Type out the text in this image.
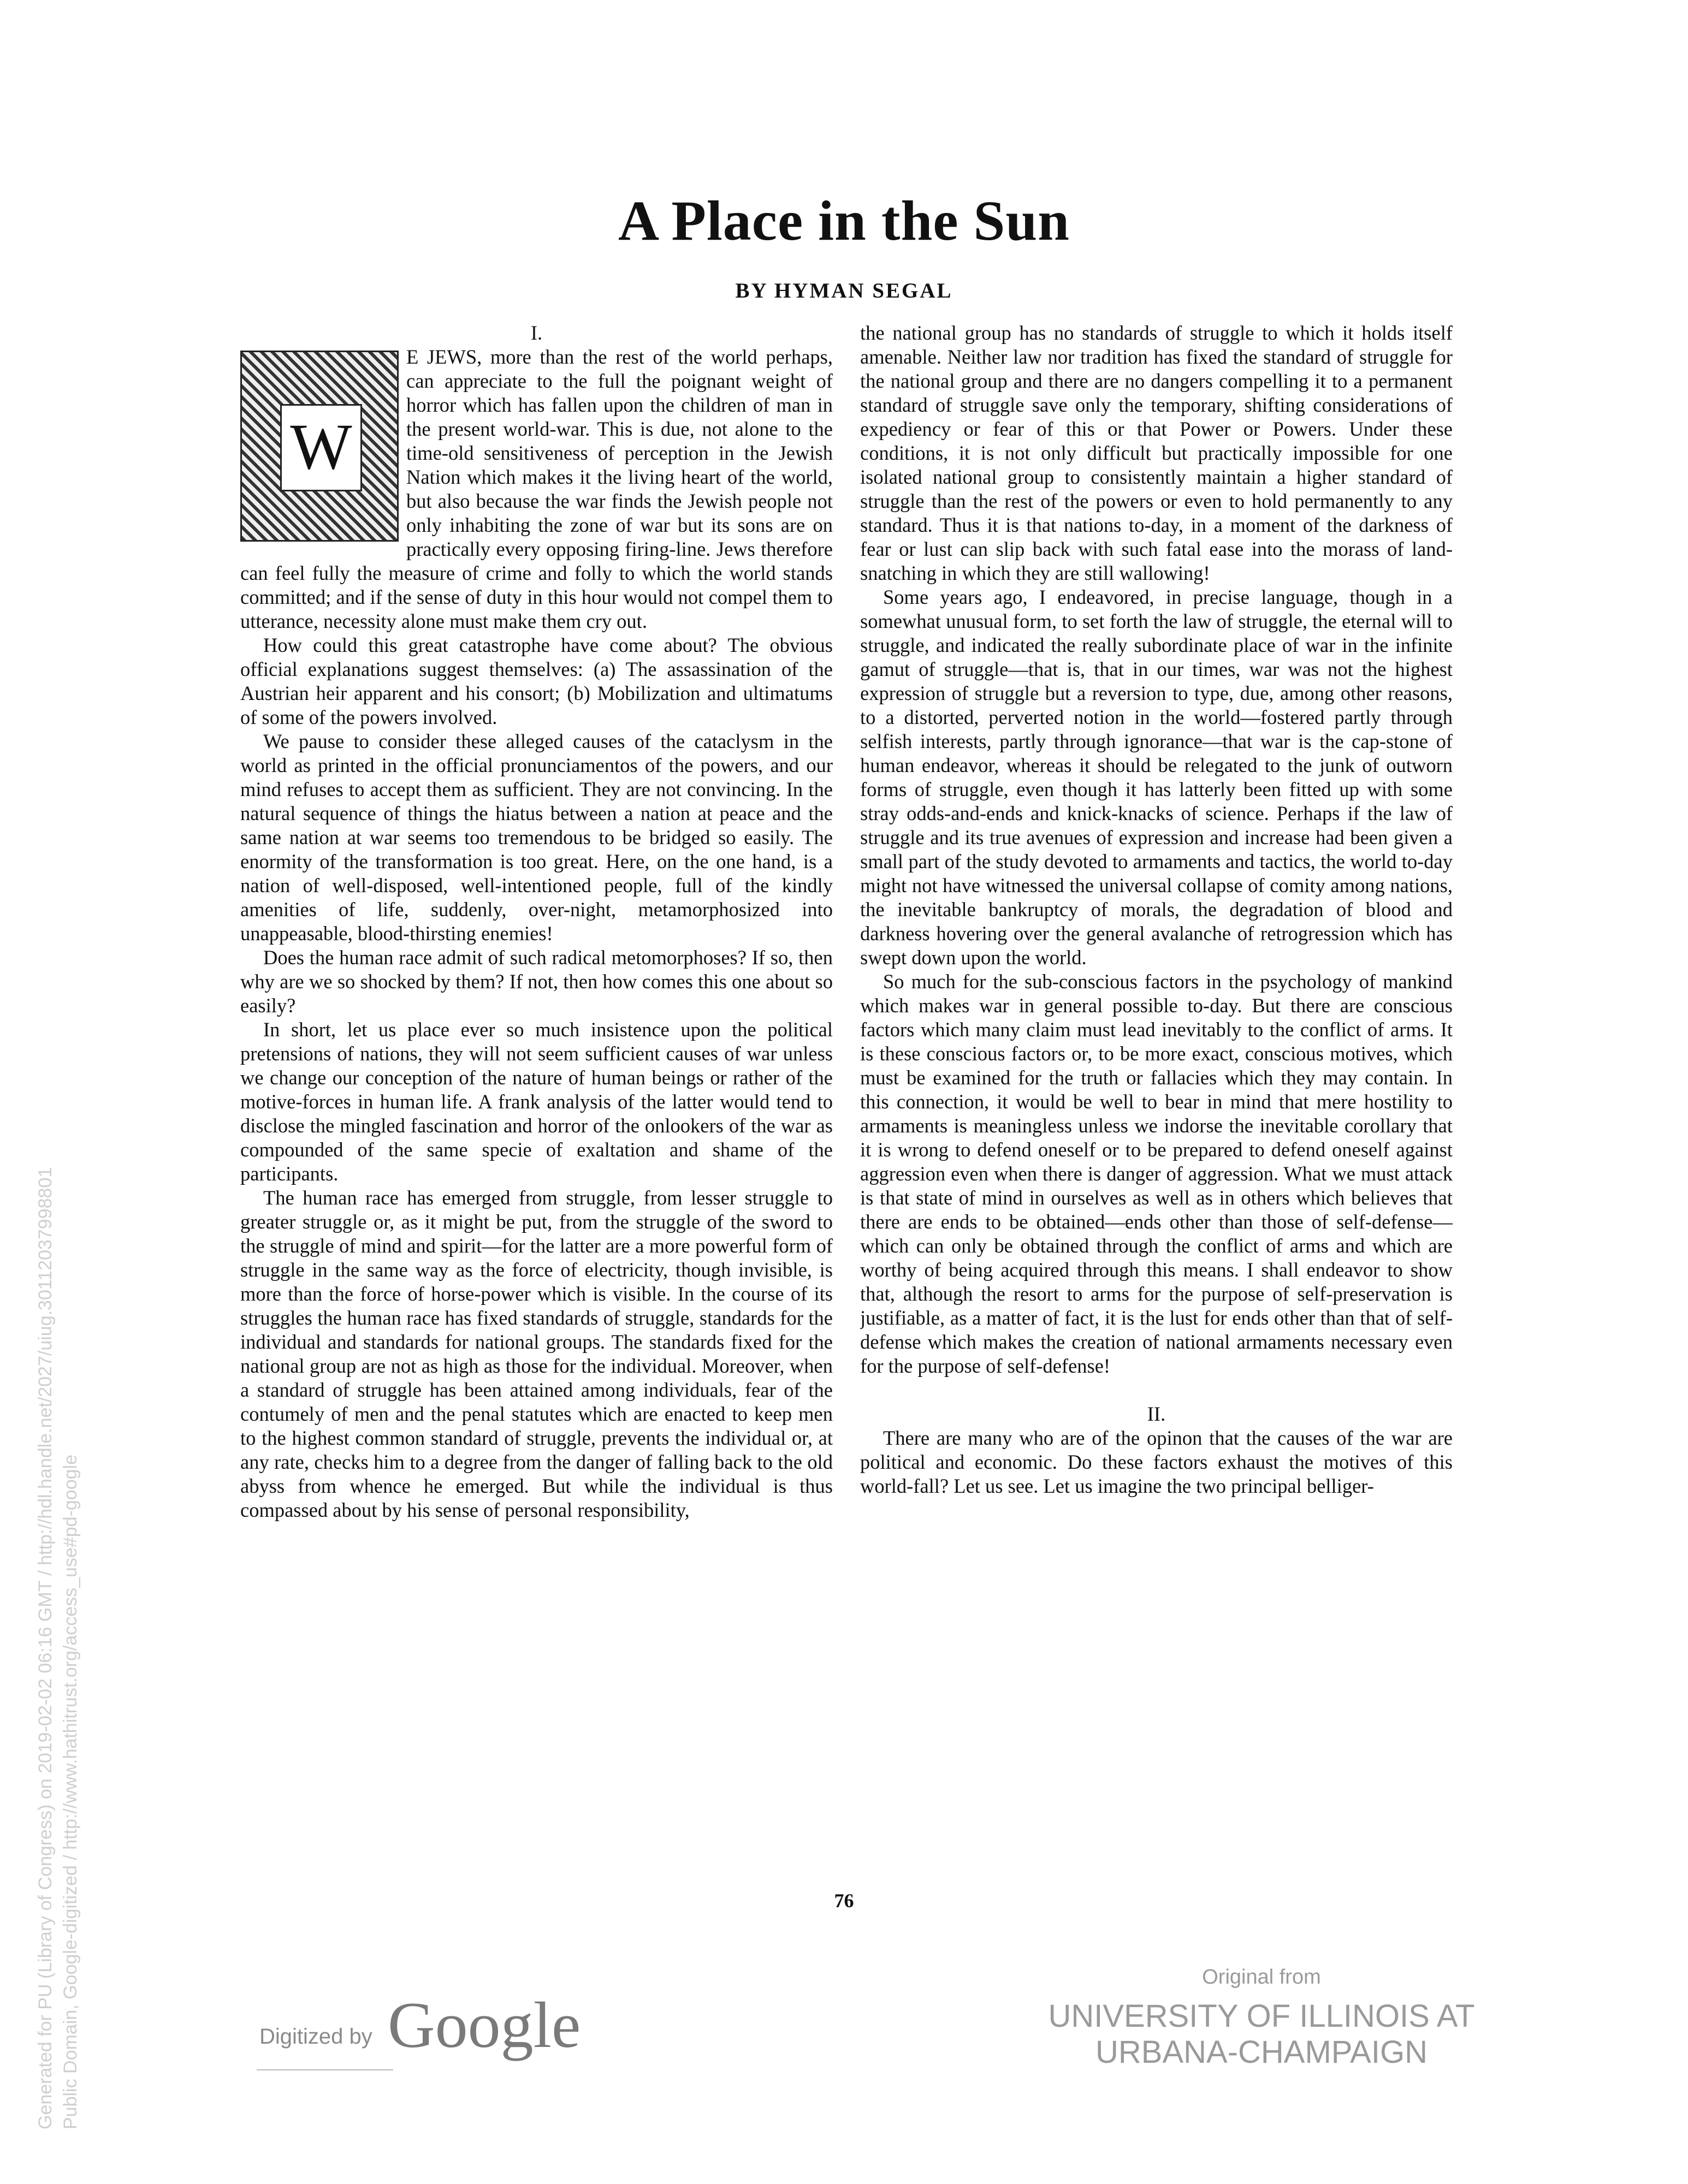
A Place in the Sun
BY HYMAN SEGAL

I.

W

E JEWS, more than the rest of the world perhaps, can appreciate to the full the poignant weight of horror which has fallen upon the children of man in the present world-war. This is due, not alone to the time-old sensitiveness of perception in the Jewish Nation which makes it the living heart of the world, but also because the war finds the Jewish people not only inhabiting the zone of war but its sons are on practically every opposing firing-line. Jews therefore can feel fully the measure of crime and folly to which the world stands committed; and if the sense of duty in this hour would not compel them to utterance, necessity alone must make them cry out.

How could this great catastrophe have come about? The obvious official explanations suggest themselves: (a) The assassination of the Austrian heir apparent and his consort; (b) Mobilization and ultimatums of some of the powers involved.

We pause to consider these alleged causes of the cataclysm in the world as printed in the official pronunciamentos of the powers, and our mind refuses to accept them as sufficient. They are not convincing. In the natural sequence of things the hiatus between a nation at peace and the same nation at war seems too tremendous to be bridged so easily. The enormity of the transformation is too great. Here, on the one hand, is a nation of well-disposed, well-intentioned people, full of the kindly amenities of life, suddenly, over-night, metamorphosized into unappeasable, blood-thirsting enemies!

Does the human race admit of such radical metomorphoses? If so, then why are we so shocked by them? If not, then how comes this one about so easily?

In short, let us place ever so much insistence upon the political pretensions of nations, they will not seem sufficient causes of war unless we change our conception of the nature of human beings or rather of the motive-forces in human life. A frank analysis of the latter would tend to disclose the mingled fascination and horror of the onlookers of the war as compounded of the same specie of exaltation and shame of the participants.

The human race has emerged from struggle, from lesser struggle to greater struggle or, as it might be put, from the struggle of the sword to the struggle of mind and spirit—for the latter are a more powerful form of struggle in the same way as the force of electricity, though invisible, is more than the force of horse-power which is visible. In the course of its struggles the human race has fixed standards of struggle, standards for the individual and standards for national groups. The standards fixed for the national group are not as high as those for the individual. Moreover, when a standard of struggle has been attained among individuals, fear of the contumely of men and the penal statutes which are enacted to keep men to the highest common standard of struggle, prevents the individual or, at any rate, checks him to a degree from the danger of falling back to the old abyss from whence he emerged. But while the individual is thus compassed about by his sense of personal responsibility,

the national group has no standards of struggle to which it holds itself amenable. Neither law nor tradition has fixed the standard of struggle for the national group and there are no dangers compelling it to a permanent standard of struggle save only the temporary, shifting considerations of expediency or fear of this or that Power or Powers. Under these conditions, it is not only difficult but practically impossible for one isolated national group to consistently maintain a higher standard of struggle than the rest of the powers or even to hold permanently to any standard. Thus it is that nations to-day, in a moment of the darkness of fear or lust can slip back with such fatal ease into the morass of land-snatching in which they are still wallowing!

Some years ago, I endeavored, in precise language, though in a somewhat unusual form, to set forth the law of struggle, the eternal will to struggle, and indicated the really subordinate place of war in the infinite gamut of struggle—that is, that in our times, war was not the highest expression of struggle but a reversion to type, due, among other reasons, to a distorted, perverted notion in the world—fostered partly through selfish interests, partly through ignorance—that war is the cap-stone of human endeavor, whereas it should be relegated to the junk of outworn forms of struggle, even though it has latterly been fitted up with some stray odds-and-ends and knick-knacks of science. Perhaps if the law of struggle and its true avenues of expression and increase had been given a small part of the study devoted to armaments and tactics, the world to-day might not have witnessed the universal collapse of comity among nations, the inevitable bankruptcy of morals, the degradation of blood and darkness hovering over the general avalanche of retrogression which has swept down upon the world.

So much for the sub-conscious factors in the psychology of mankind which makes war in general possible to-day. But there are conscious factors which many claim must lead inevitably to the conflict of arms. It is these conscious factors or, to be more exact, conscious motives, which must be examined for the truth or fallacies which they may contain. In this connection, it would be well to bear in mind that mere hostility to armaments is meaningless unless we indorse the inevitable corollary that it is wrong to defend oneself or to be prepared to defend oneself against aggression even when there is danger of aggression. What we must attack is that state of mind in ourselves as well as in others which believes that there are ends to be obtained—ends other than those of self-defense—which can only be obtained through the conflict of arms and which are worthy of being acquired through this means. I shall endeavor to show that, although the resort to arms for the purpose of self-preservation is justifiable, as a matter of fact, it is the lust for ends other than that of self-defense which makes the creation of national armaments necessary even for the purpose of self-defense!

II.

There are many who are of the opinon that the causes of the war are political and economic. Do these factors exhaust the motives of this world-fall? Let us see. Let us imagine the two principal belliger-

76
Digitized by Google
Original from
UNIVERSITY OF ILLINOIS AT
URBANA-CHAMPAIGN
Generated for PU (Library of Congress) on 2019-02-02 06:16 GMT / http://hdl.handle.net/2027/uiug.30112037998801 Public Domain, Google-digitized / http://www.hathitrust.org/access_use#pd-google
